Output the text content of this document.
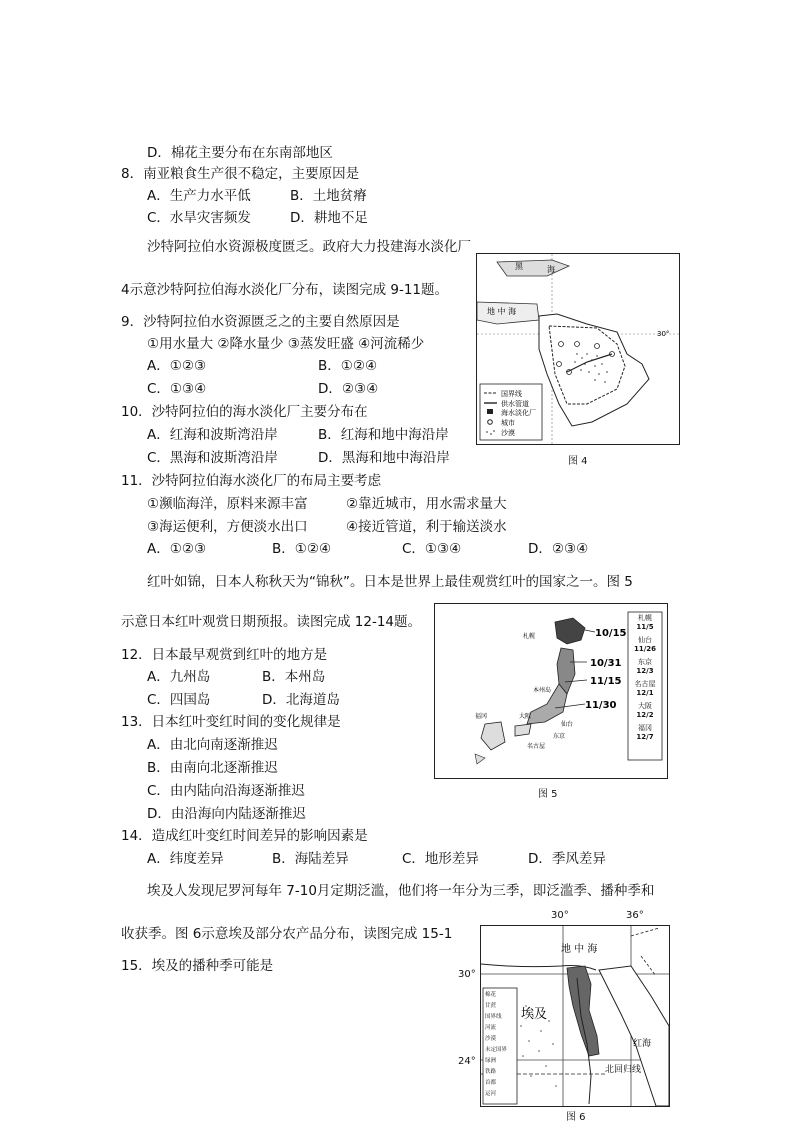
D．棉花主要分布在东南部地区
8．南亚粮食生产很不稳定，主要原因是
A．生产力水平低	B．土地贫瘠
C．水旱灾害频发	D．耕地不足
沙特阿拉伯水资源极度匮乏。政府大力投建海水淡化厂
4示意沙特阿拉伯海水淡化厂分布，读图完成 9-11题。
9．沙特阿拉伯水资源匮乏之的主要自然原因是
①用水量大 ②降水量少 ③蒸发旺盛 ④河流稀少
A．①②③	B．①②④
C．①③④	D．②③④
10．沙特阿拉伯的海水淡化厂主要分布在
A．红海和波斯湾沿岸	B．红海和地中海沿岸
C．黑海和波斯湾沿岸	D．黑海和地中海沿岸
11．沙特阿拉伯海水淡化厂的布局主要考虑
①濒临海洋，原料来源丰富	②靠近城市，用水需求量大
③海运便利，方便淡水出口	④接近管道，利于输送淡水
A．①②③	B．①②④	C．①③④	D．②③④
红叶如锦，日本人称秋天为“锦秋”。日本是世界上最佳观赏红叶的国家之一。图 5
示意日本红叶观赏日期预报。读图完成 12-14题。
12．日本最早观赏到红叶的地方是
A．九州岛	B．本州岛
C．四国岛	D．北海道岛
13．日本红叶变红时间的变化规律是
A．由北向南逐渐推迟
B．由南向北逐渐推迟
C．由内陆向沿海逐渐推迟
D．由沿海向内陆逐渐推迟
14．造成红叶变红时间差异的影响因素是
A．纬度差异	B．海陆差异	C．地形差异	D．季风差异
埃及人发现尼罗河每年 7-10月定期泛滥，他们将一年分为三季，即泛滥季、播种季和
收获季。图 6示意埃及部分农产品分布，读图完成 15-1
15．埃及的播种季可能是
国界线
供水管道
海水淡化厂
城市
沙漠
黑	海
地 中 海
30°
图 4
10/15
10/31
11/15
11/30
札幌
本州岛
大阪
福冈
名古屋
东京
仙台
札幌
11/5
仙台
11/26
东京
12/3
名古屋
12/1
大阪
12/2
福冈
12/7
图 5
30°	36°
30°
24°
地 中 海
埃及
红海
北回归线
棉花
甘蔗
国界线
河流
沙漠
未定国界
绿洲
铁路
首都
运河
图 6
